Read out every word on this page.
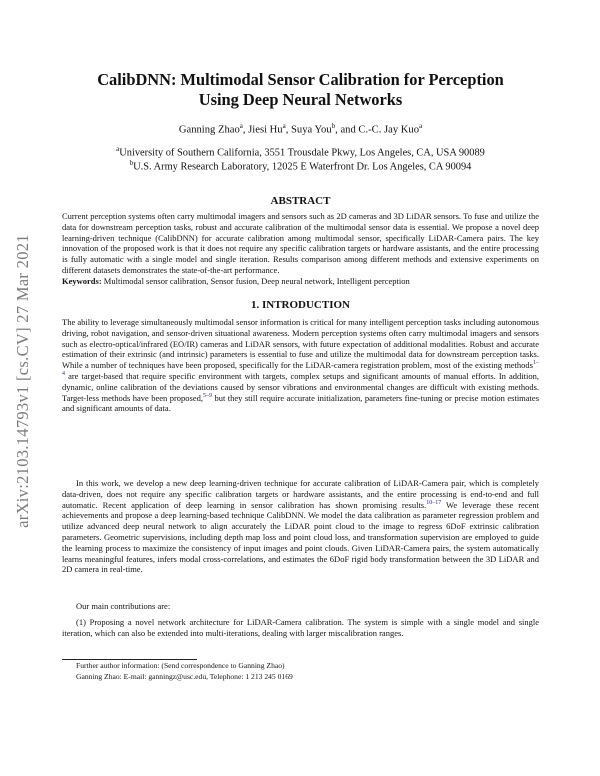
arXiv:2103.14793v1 [cs.CV] 27 Mar 2021
CalibDNN: Multimodal Sensor Calibration for Perception
Using Deep Neural Networks
Ganning Zhao$^a$, Jiesi Hu$^a$, Suya You$^b$, and C.-C. Jay Kuo$^a$
$^a$University of Southern California, 3551 Trousdale Pkwy, Los Angeles, CA, USA 90089
$^b$U.S. Army Research Laboratory, 12025 E Waterfront Dr. Los Angeles, CA 90094
ABSTRACT

Current perception systems often carry multimodal imagers and sensors such as 2D cameras and 3D LiDAR sensors. To fuse and utilize the data for downstream perception tasks, robust and accurate calibration of the multimodal sensor data is essential. We propose a novel deep learning-driven technique (CalibDNN) for accurate calibration among multimodal sensor, specifically LiDAR-Camera pairs. The key innovation of the proposed work is that it does not require any specific calibration targets or hardware assistants, and the entire processing is fully automatic with a single model and single iteration. Results comparison among different methods and extensive experiments on different datasets demonstrates the state-of-the-art performance.

Keywords: Multimodal sensor calibration, Sensor fusion, Deep neural network, Intelligent perception

1. INTRODUCTION

The ability to leverage simultaneously multimodal sensor information is critical for many intelligent perception tasks including autonomous driving, robot navigation, and sensor-driven situational awareness. Modern perception systems often carry multimodal imagers and sensors such as electro-optical/infrared (EO/IR) cameras and LiDAR sensors, with future expectation of additional modalities. Robust and accurate estimation of their extrinsic (and intrinsic) parameters is essential to fuse and utilize the multimodal data for downstream perception tasks. While a number of techniques have been proposed, specifically for the LiDAR-camera registration problem, most of the existing methods$^{1-4}$ are target-based that require specific environment with targets, complex setups and significant amounts of manual efforts. In addition, dynamic, online calibration of the deviations caused by sensor vibrations and environmental changes are difficult with existing methods. Target-less methods have been proposed,$^{5-9}$ but they still require accurate initialization, parameters fine-tuning or precise motion estimates and significant amounts of data.

In this work, we develop a new deep learning-driven technique for accurate calibration of LiDAR-Camera pair, which is completely data-driven, does not require any specific calibration targets or hardware assistants, and the entire processing is end-to-end and full automatic. Recent application of deep learning in sensor calibration has shown promising results.$^{10-17}$ We leverage these recent achievements and propose a deep learning-based technique CalibDNN. We model the data calibration as parameter regression problem and utilize advanced deep neural network to align accurately the LiDAR point cloud to the image to regress 6DoF extrinsic calibration parameters. Geometric supervisions, including depth map loss and point cloud loss, and transformation supervision are employed to guide the learning process to maximize the consistency of input images and point clouds. Given LiDAR-Camera pairs, the system automatically learns meaningful features, infers modal cross-correlations, and estimates the 6DoF rigid body transformation between the 3D LiDAR and 2D camera in real-time.

Our main contributions are:

(1) Proposing a novel network architecture for LiDAR-Camera calibration. The system is simple with a single model and single iteration, which can also be extended into multi-iterations, dealing with larger miscalibration ranges.

Further author information: (Send correspondence to Ganning Zhao)

Ganning Zhao: E-mail: ganningz@usc.edu, Telephone: 1 213 245 0169
